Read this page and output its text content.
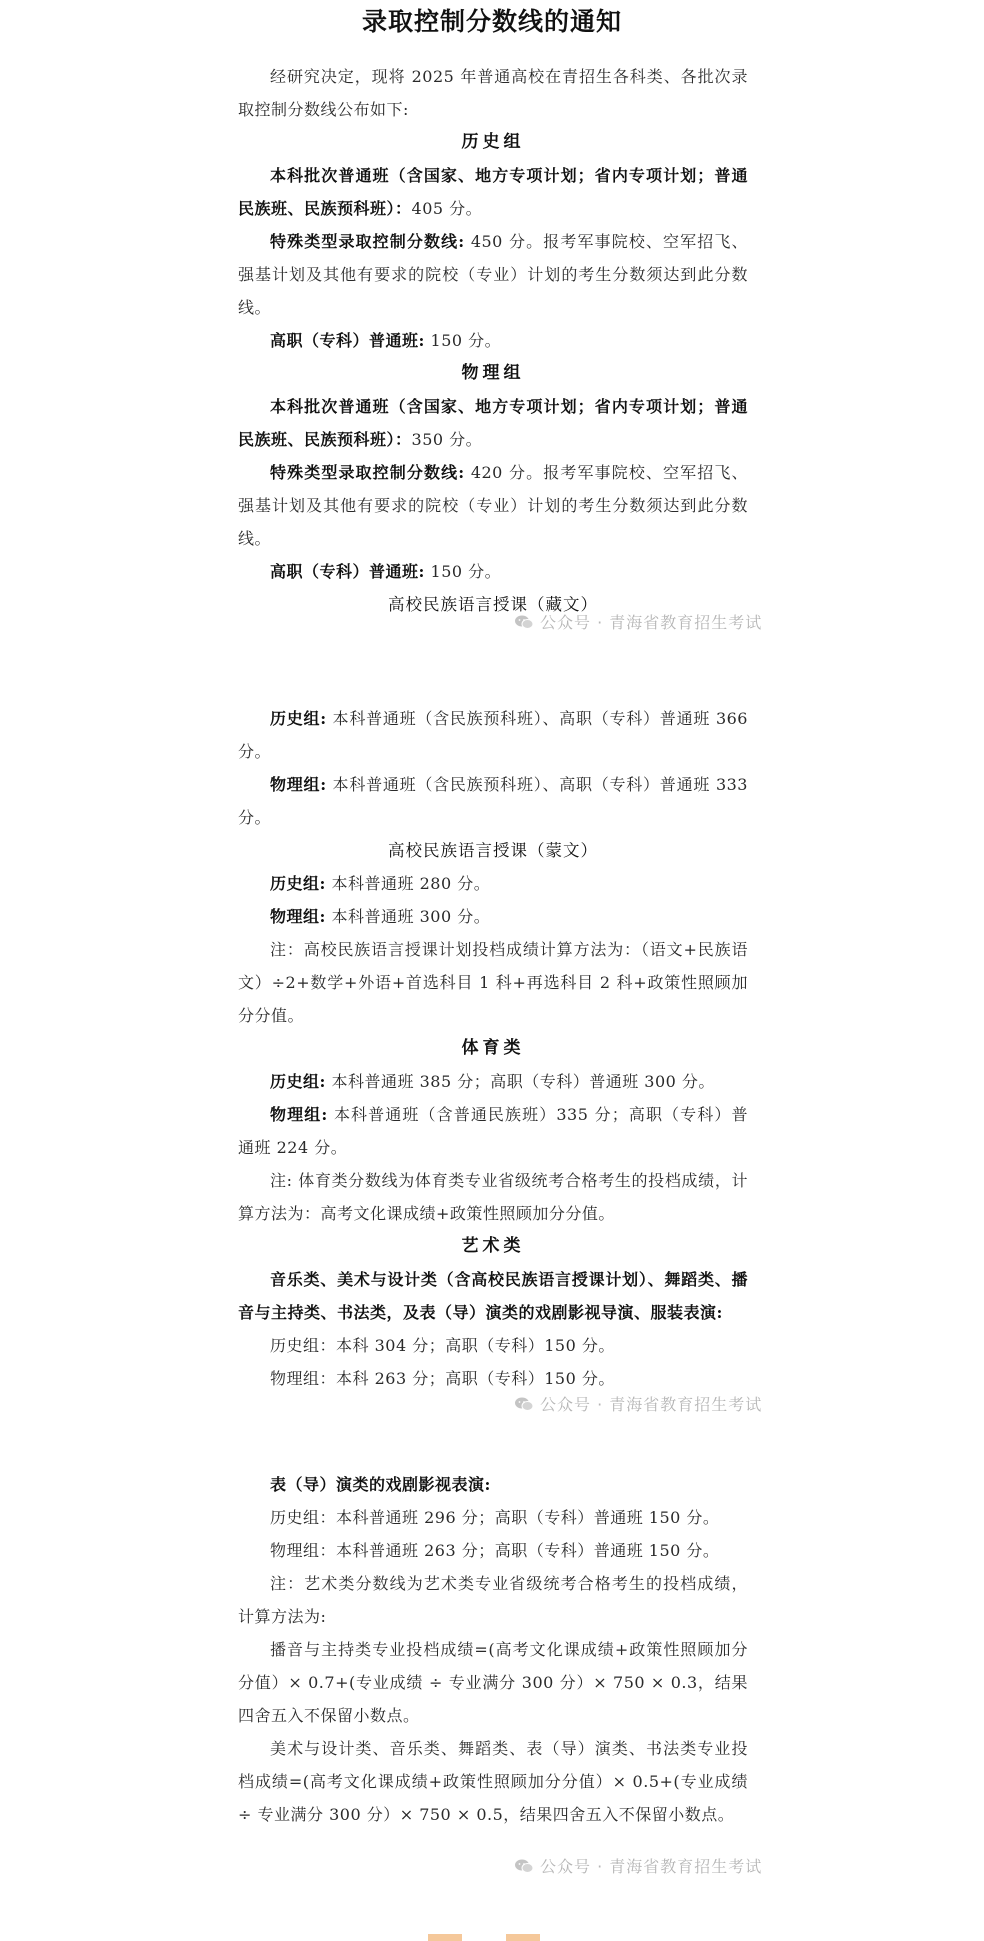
录取控制分数线的通知

经研究决定，现将 2025 年普通高校在青招生各科类、各批次录取控制分数线公布如下:

历史组

本科批次普通班（含国家、地方专项计划；省内专项计划；普通民族班、民族预科班）：405 分。

特殊类型录取控制分数线: 450 分。报考军事院校、空军招飞、强基计划及其他有要求的院校（专业）计划的考生分数须达到此分数线。

高职（专科）普通班: 150 分。

物理组

本科批次普通班（含国家、地方专项计划；省内专项计划；普通民族班、民族预科班）：350 分。

特殊类型录取控制分数线: 420 分。报考军事院校、空军招飞、强基计划及其他有要求的院校（专业）计划的考生分数须达到此分数线。

高职（专科）普通班: 150 分。

高校民族语言授课（藏文）

公众号 · 青海省教育招生考试

历史组: 本科普通班（含民族预科班）、高职（专科）普通班 366 分。

物理组: 本科普通班（含民族预科班）、高职（专科）普通班 333 分。

高校民族语言授课（蒙文）

历史组: 本科普通班 280 分。

物理组: 本科普通班 300 分。

注：高校民族语言授课计划投档成绩计算方法为：（语文+民族语文）÷2+数学+外语+首选科目 1 科+再选科目 2 科+政策性照顾加分分值。

体育类

历史组: 本科普通班 385 分；高职（专科）普通班 300 分。

物理组: 本科普通班（含普通民族班）335 分；高职（专科）普通班 224 分。

注: 体育类分数线为体育类专业省级统考合格考生的投档成绩，计算方法为：高考文化课成绩+政策性照顾加分分值。

艺术类

音乐类、美术与设计类（含高校民族语言授课计划）、舞蹈类、播音与主持类、书法类，及表（导）演类的戏剧影视导演、服装表演:

历史组：本科 304 分；高职（专科）150 分。

物理组：本科 263 分；高职（专科）150 分。

公众号 · 青海省教育招生考试

表（导）演类的戏剧影视表演:

历史组：本科普通班 296 分；高职（专科）普通班 150 分。

物理组：本科普通班 263 分；高职（专科）普通班 150 分。

注：艺术类分数线为艺术类专业省级统考合格考生的投档成绩，计算方法为:

播音与主持类专业投档成绩=(高考文化课成绩+政策性照顾加分分值）× 0.7+(专业成绩 ÷ 专业满分 300 分）× 750 × 0.3，结果四舍五入不保留小数点。

美术与设计类、音乐类、舞蹈类、表（导）演类、书法类专业投档成绩=(高考文化课成绩+政策性照顾加分分值）× 0.5+(专业成绩 ÷ 专业满分 300 分）× 750 × 0.5，结果四舍五入不保留小数点。

公众号 · 青海省教育招生考试
